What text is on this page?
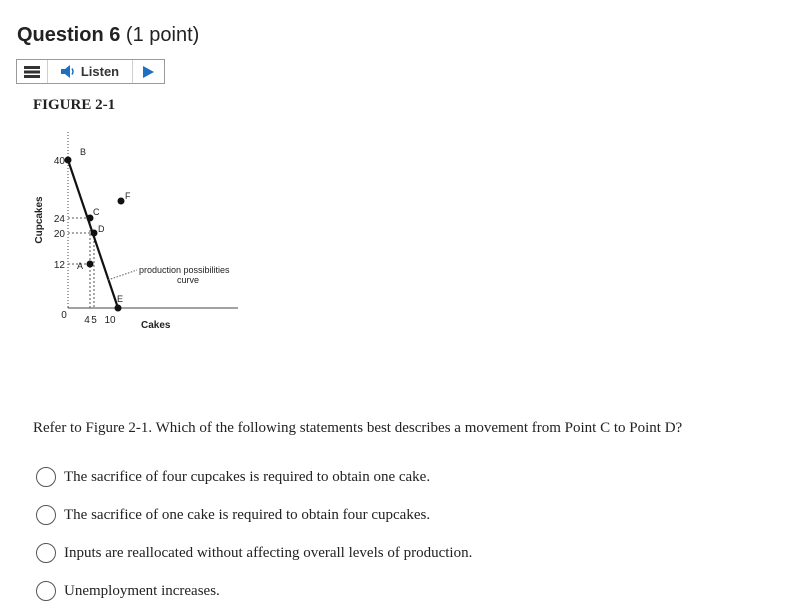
Question 6 (1 point)
Listen
FIGURE 2-1
B
C
D
A
E
F
40
24
20
12
0 4 5 10
Cupcakes
Cakes
production possibilities
curve
Refer to Figure 2-1. Which of the following statements best describes a movement from Point C to Point D?
The sacrifice of four cupcakes is required to obtain one cake.
The sacrifice of one cake is required to obtain four cupcakes.
Inputs are reallocated without affecting overall levels of production.
Unemployment increases.
